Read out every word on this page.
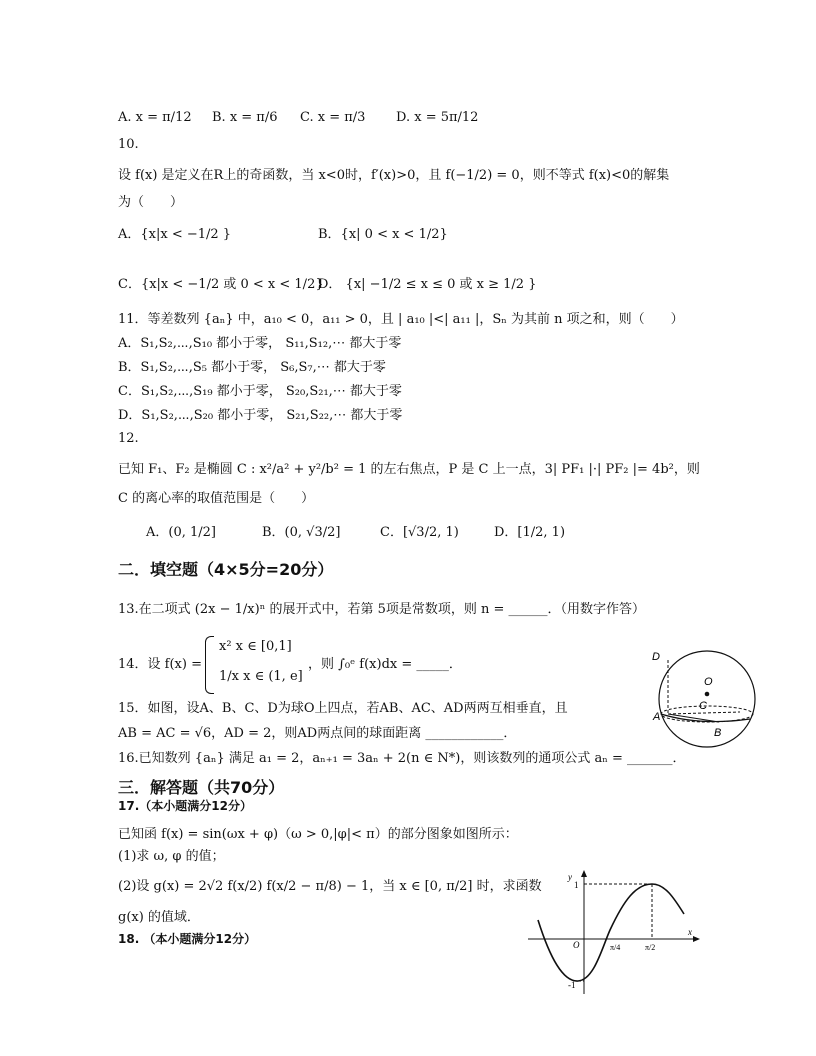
A. x = π/12 B. x = π/6 C. x = π/3 D. x = 5π/12
10.
设 f(x) 是定义在R上的奇函数，当 x<0时，f′(x)>0，且 f(−1/2) = 0，则不等式 f(x)<0的解集
为（　　）
A．{x|x < −1/2 }	B．{x| 0 < x < 1/2}
C．{x|x < −1/2 或 0 < x < 1/2}
D． {x| −1/2 ≤ x ≤ 0 或 x ≥ 1/2 }
11．等差数列 {aₙ} 中，a₁₀ < 0，a₁₁ > 0，且 | a₁₀ |<| a₁₁ |，Sₙ 为其前 n 项之和，则（　　）
A．S₁,S₂,⋯,S₁₀ 都小于零， S₁₁,S₁₂,⋯ 都大于零
B．S₁,S₂,⋯,S₅ 都小于零， S₆,S₇,⋯ 都大于零
C．S₁,S₂,⋯,S₁₉ 都小于零， S₂₀,S₂₁,⋯ 都大于零
D．S₁,S₂,⋯,S₂₀ 都小于零， S₂₁,S₂₂,⋯ 都大于零
12.
已知 F₁、F₂ 是椭圆 C : x²/a² + y²/b² = 1 的左右焦点，P 是 C 上一点，3| PF₁ |·| PF₂ |= 4b²，则
C 的离心率的取值范围是（　　）
A．(0, 1/2]	B．(0, √3/2]	C．[√3/2, 1)	D．[1/2, 1)
二．填空题（4×5分=20分）
13.在二项式 (2x − 1/x)ⁿ 的展开式中，若第 5项是常数项，则 n = ______．（用数字作答）
14．设 f(x) =
x² x ∈ [0,1]
1/x x ∈ (1, e]
，则 ∫₀ᵉ f(x)dx = _____．	D
O
C
A
B
15．如图，设A、B、C、D为球O上四点，若AB、AC、AD两两互相垂直，且
AB = AC = √6，AD = 2，则AD两点间的球面距离 ____________．
16.已知数列 {aₙ} 满足 a₁ = 2，aₙ₊₁ = 3aₙ + 2(n ∈ N*)，则该数列的通项公式 aₙ = _______．
三．解答题（共70分）
17.（本小题满分12分）
已知函 f(x) = sin(ωx + φ)（ω > 0,|φ|< π）的部分图象如图所示：
(1)求 ω, φ 的值；
(2)设 g(x) = 2√2 f(x/2) f(x/2 − π/8) − 1，当 x ∈ [0, π/2] 时，求函数
g(x) 的值域．
18. （本小题满分12分）
y
1
O
-1
π/4	π/2
x
